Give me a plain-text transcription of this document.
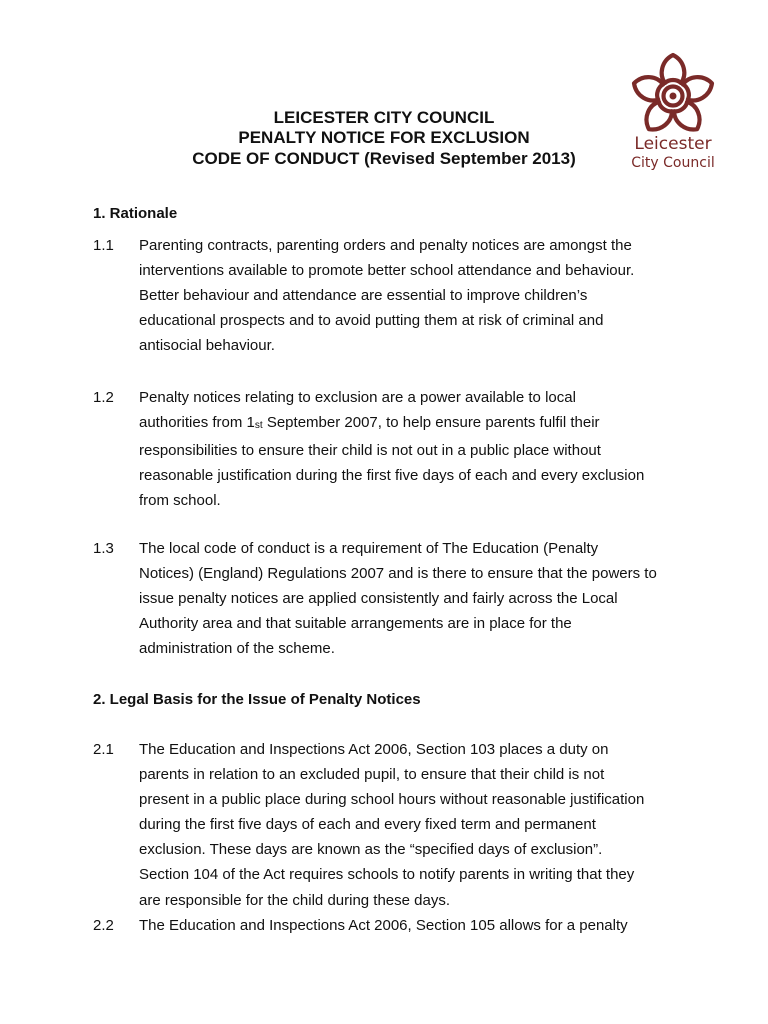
Leicester
City Council
LEICESTER CITY COUNCIL
PENALTY NOTICE FOR EXCLUSION
CODE OF CONDUCT (Revised September 2013)
1. Rationale
1.1 Parenting contracts, parenting orders and penalty notices are amongst the
interventions available to promote better school attendance and behaviour.
Better behaviour and attendance are essential to improve children’s
educational prospects and to avoid putting them at risk of criminal and
antisocial behaviour.
1.2 Penalty notices relating to exclusion are a power available to local
authorities from 1st September 2007, to help ensure parents fulfil their
responsibilities to ensure their child is not out in a public place without
reasonable justification during the first five days of each and every exclusion
from school.
1.3 The local code of conduct is a requirement of The Education (Penalty
Notices) (England) Regulations 2007 and is there to ensure that the powers to
issue penalty notices are applied consistently and fairly across the Local
Authority area and that suitable arrangements are in place for the
administration of the scheme.
2. Legal Basis for the Issue of Penalty Notices
2.1 The Education and Inspections Act 2006, Section 103 places a duty on
parents in relation to an excluded pupil, to ensure that their child is not
present in a public place during school hours without reasonable justification
during the first five days of each and every fixed term and permanent
exclusion. These days are known as the “specified days of exclusion”.
Section 104 of the Act requires schools to notify parents in writing that they
are responsible for the child during these days.
2.2 The Education and Inspections Act 2006, Section 105 allows for a penalty
